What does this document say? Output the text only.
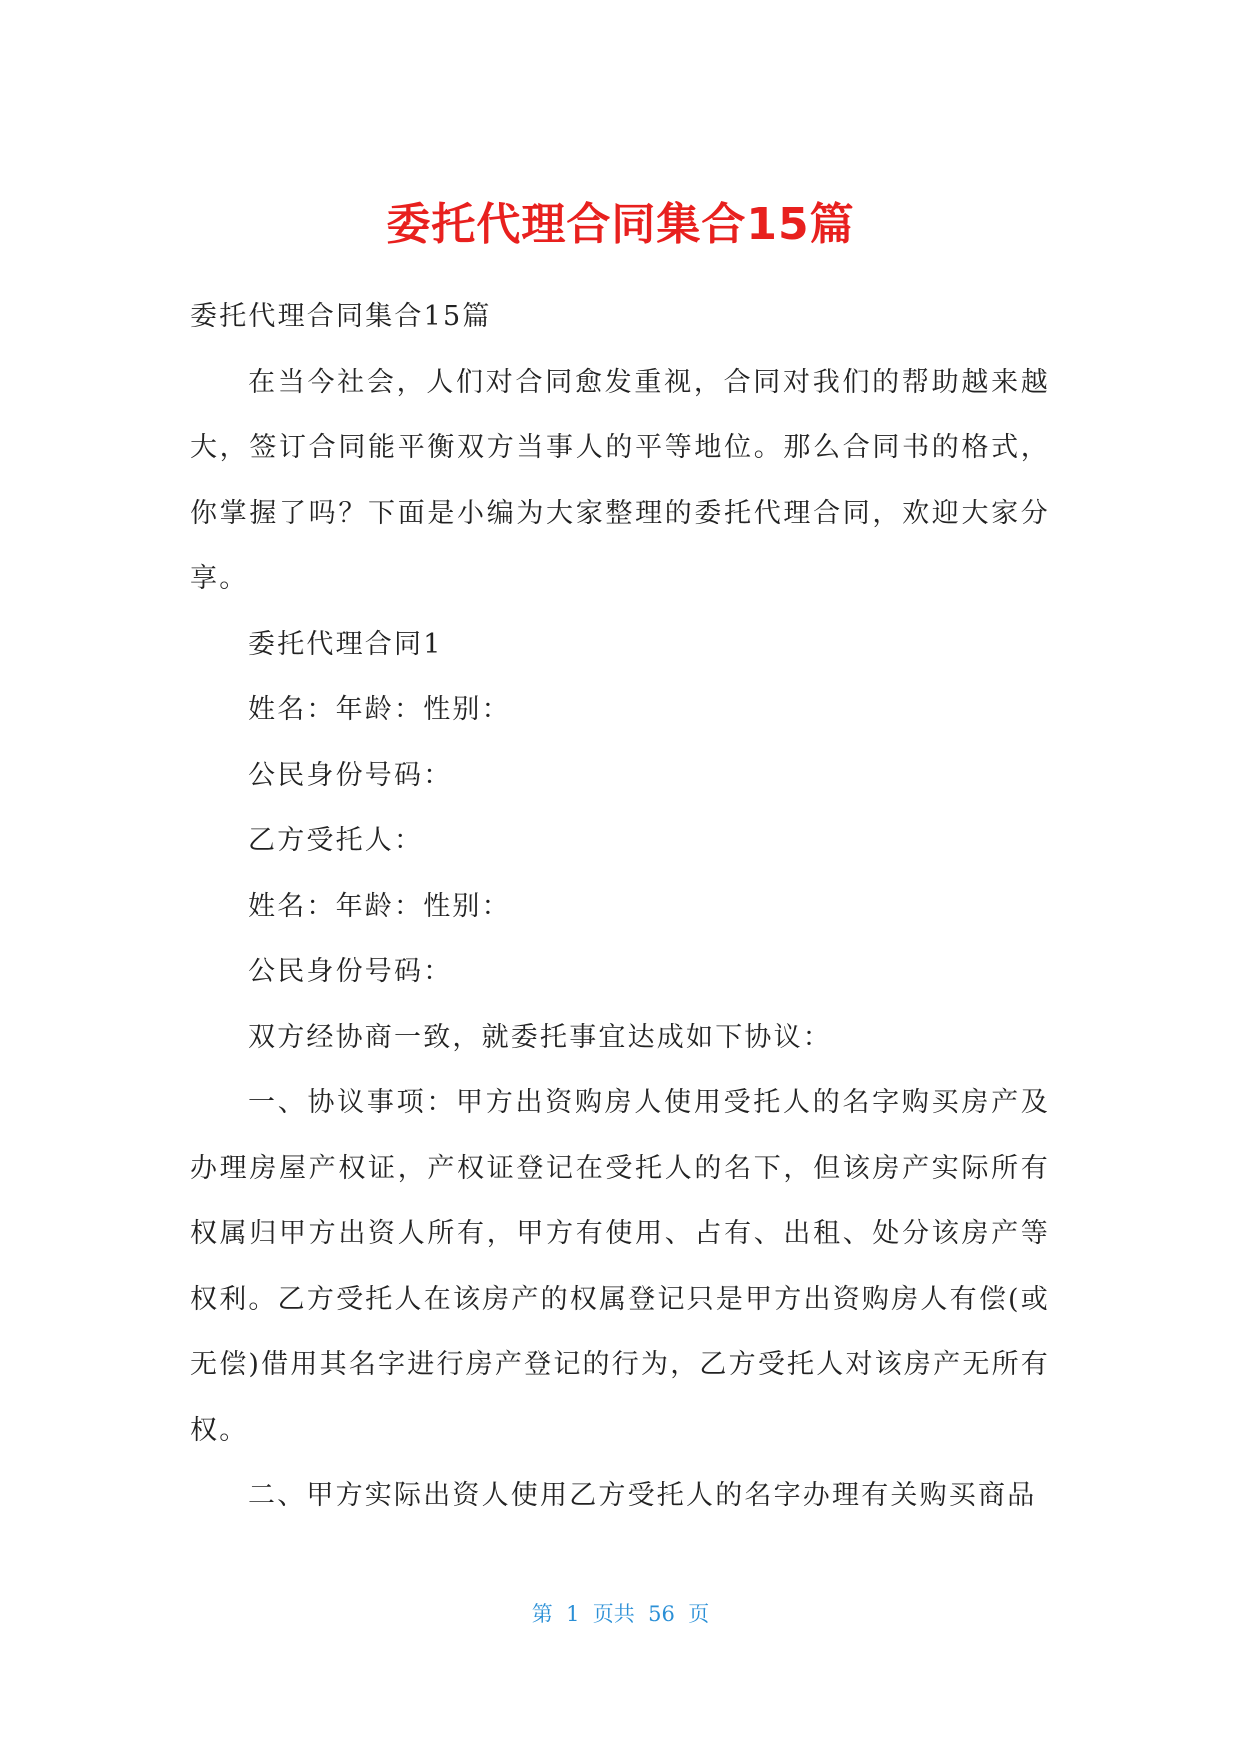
委托代理合同集合15篇

委托代理合同集合15篇

在当今社会，人们对合同愈发重视，合同对我们的帮助越来越大，签订合同能平衡双方当事人的平等地位。那么合同书的格式，你掌握了吗？下面是小编为大家整理的委托代理合同，欢迎大家分享。

委托代理合同1

姓名：年龄：性别：

公民身份号码：

乙方受托人：

姓名：年龄：性别：

公民身份号码：

双方经协商一致，就委托事宜达成如下协议：

一、协议事项：甲方出资购房人使用受托人的名字购买房产及办理房屋产权证，产权证登记在受托人的名下，但该房产实际所有权属归甲方出资人所有，甲方有使用、占有、出租、处分该房产等权利。乙方受托人在该房产的权属登记只是甲方出资购房人有偿(或无偿)借用其名字进行房产登记的行为，乙方受托人对该房产无所有权。

二、甲方实际出资人使用乙方受托人的名字办理有关购买商品

第  1  页共  56  页
